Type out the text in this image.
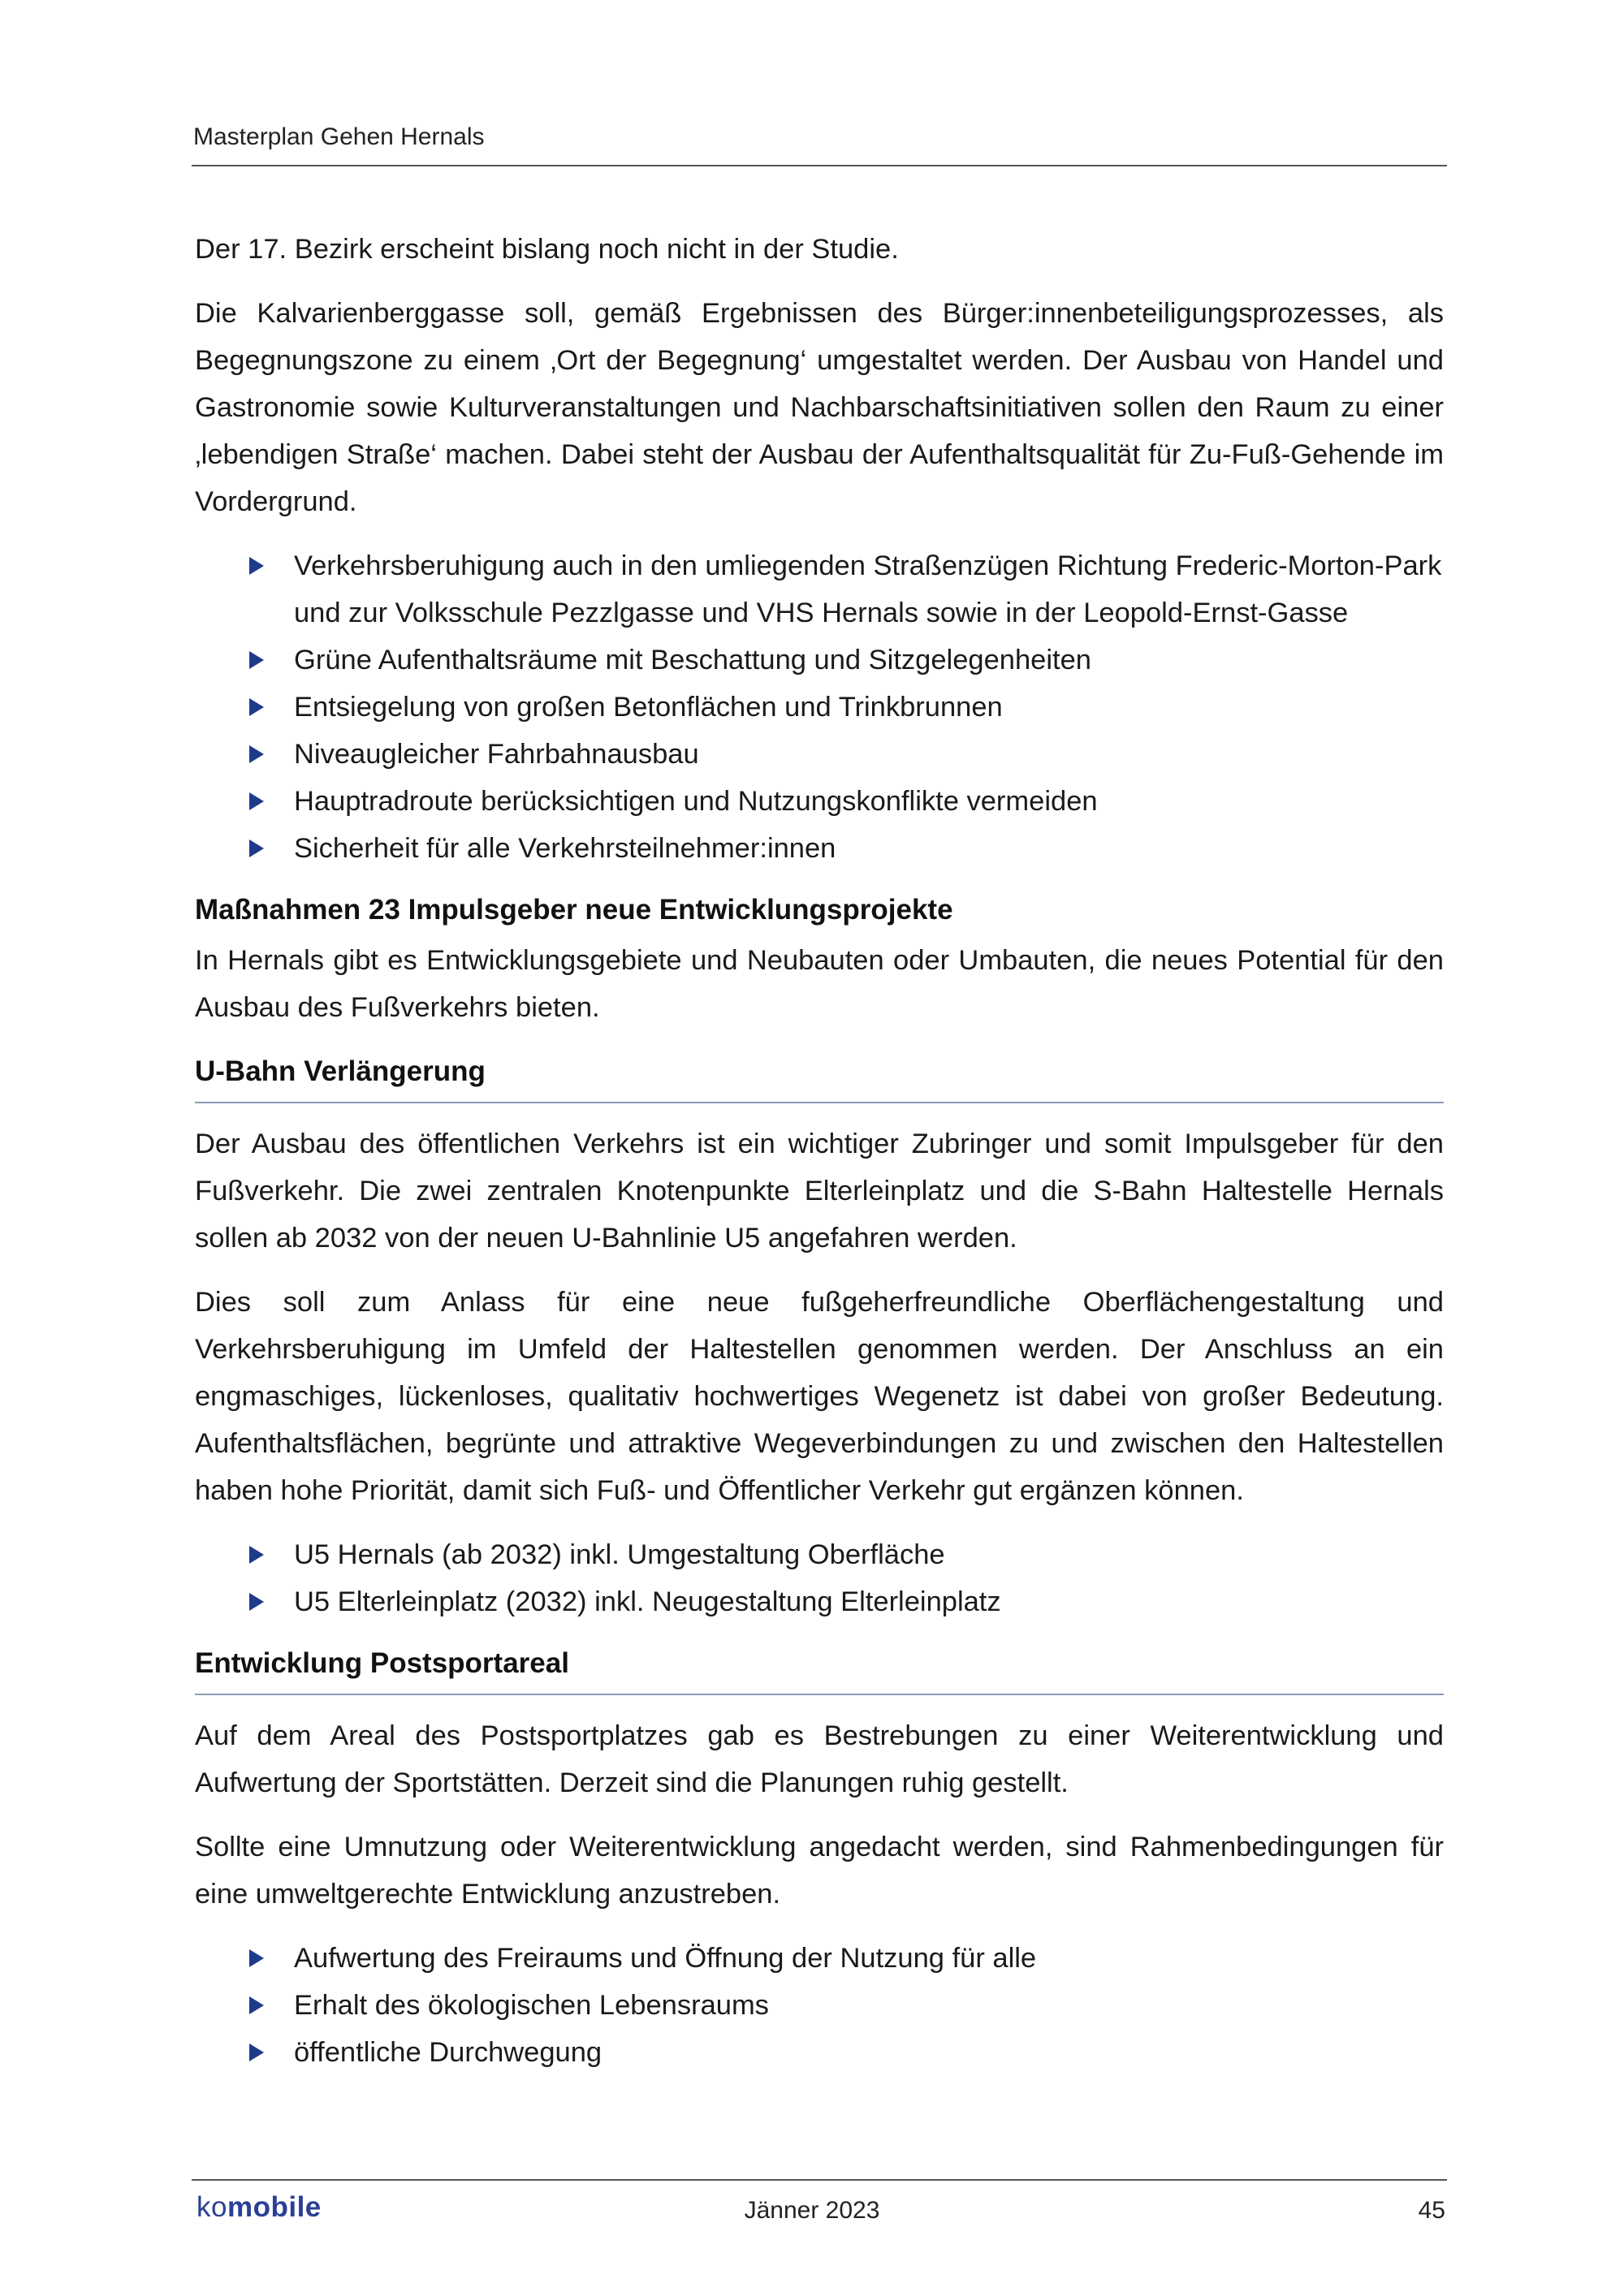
Masterplan Gehen Hernals

Der 17. Bezirk erscheint bislang noch nicht in der Studie.

Die Kalvarienberggasse soll, gemäß Ergebnissen des Bürger:innenbeteiligungsprozesses, als Begegnungszone zu einem ‚Ort der Begegnung‘ umgestaltet werden. Der Ausbau von Handel und Gastronomie sowie Kulturveranstaltungen und Nachbarschaftsinitiativen sollen den Raum zu einer ‚lebendigen Straße‘ machen. Dabei steht der Ausbau der Aufenthaltsqualität für Zu-Fuß-Gehende im Vordergrund.

Verkehrsberuhigung auch in den umliegenden Straßenzügen Richtung Frederic-Morton-Park und zur Volksschule Pezzlgasse und VHS Hernals sowie in der Leopold-Ernst-Gasse
Grüne Aufenthaltsräume mit Beschattung und Sitzgelegenheiten
Entsiegelung von großen Betonflächen und Trinkbrunnen
Niveaugleicher Fahrbahnausbau
Hauptradroute berücksichtigen und Nutzungskonflikte vermeiden
Sicherheit für alle Verkehrsteilnehmer:innen
Maßnahmen 23 Impulsgeber neue Entwicklungsprojekte

In Hernals gibt es Entwicklungsgebiete und Neubauten oder Umbauten, die neues Potential für den Ausbau des Fußverkehrs bieten.

U-Bahn Verlängerung

Der Ausbau des öffentlichen Verkehrs ist ein wichtiger Zubringer und somit Impulsgeber für den Fußverkehr. Die zwei zentralen Knotenpunkte Elterleinplatz und die S-Bahn Haltestelle Hernals sollen ab 2032 von der neuen U-Bahnlinie U5 angefahren werden.

Dies soll zum Anlass für eine neue fußgeherfreundliche Oberflächengestaltung und Verkehrsberuhigung im Umfeld der Haltestellen genommen werden. Der Anschluss an ein engmaschiges, lückenloses, qualitativ hochwertiges Wegenetz ist dabei von großer Bedeutung. Aufenthaltsflächen, begrünte und attraktive Wegeverbindungen zu und zwischen den Haltestellen haben hohe Priorität, damit sich Fuß- und Öffentlicher Verkehr gut ergänzen können.

U5 Hernals (ab 2032) inkl. Umgestaltung Oberfläche
U5 Elterleinplatz (2032) inkl. Neugestaltung Elterleinplatz
Entwicklung Postsportareal

Auf dem Areal des Postsportplatzes gab es Bestrebungen zu einer Weiterentwicklung und Aufwertung der Sportstätten. Derzeit sind die Planungen ruhig gestellt.

Sollte eine Umnutzung oder Weiterentwicklung angedacht werden, sind Rahmenbedingungen für eine umweltgerechte Entwicklung anzustreben.

Aufwertung des Freiraums und Öffnung der Nutzung für alle
Erhalt des ökologischen Lebensraums
öffentliche Durchwegung
komobile	Jänner 2023	45
